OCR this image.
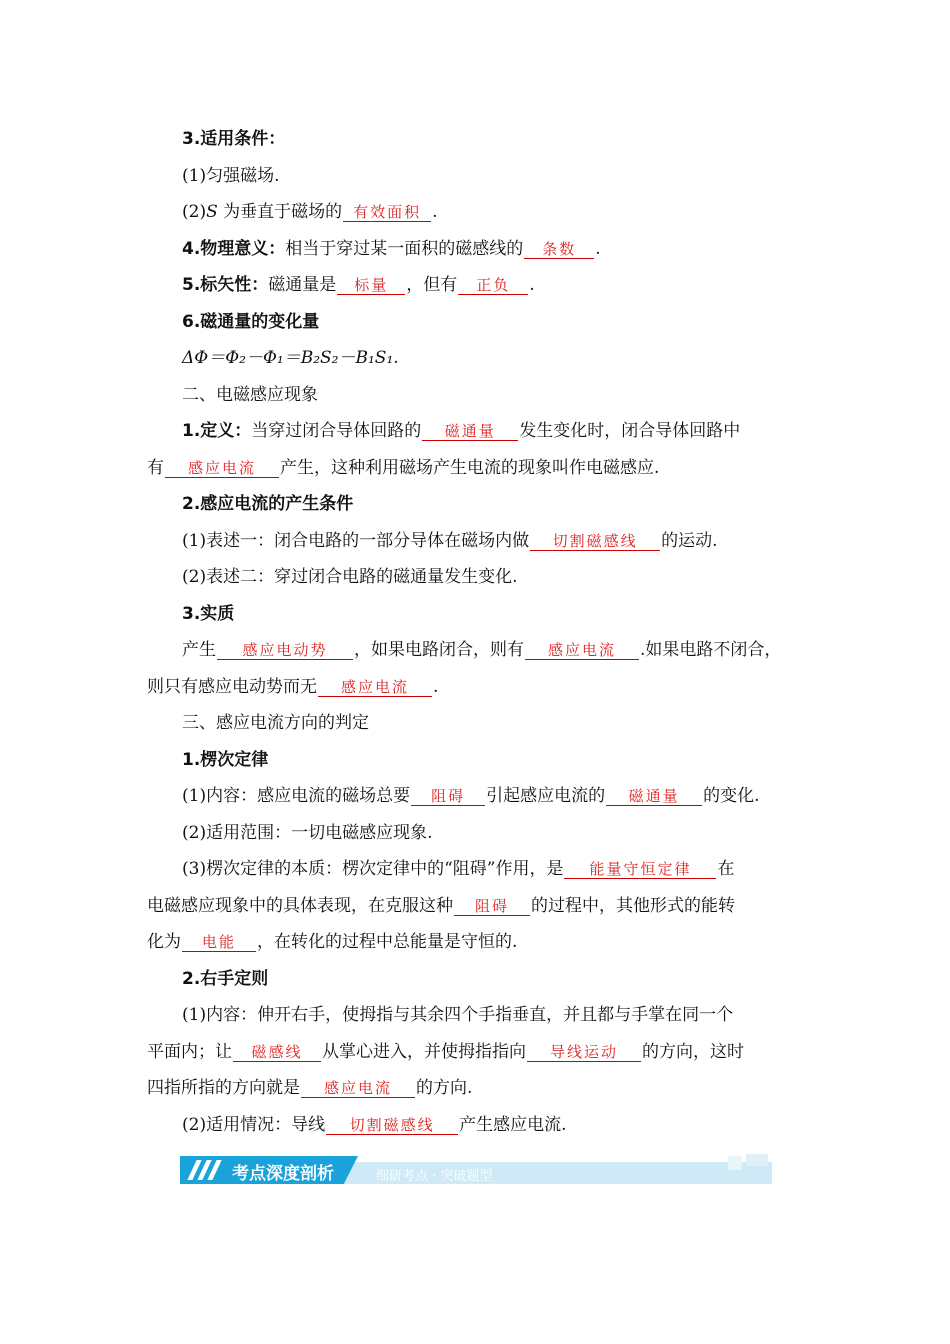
3.适用条件：
(1)匀强磁场.
(2)S 为垂直于磁场的 有效面积 .
4.物理意义：相当于穿过某一面积的磁感线的 条数 .
5.标矢性：磁通量是 标量 ，但有 正负 .
6.磁通量的变化量
ΔΦ＝Φ₂－Φ₁＝B₂S₂－B₁S₁.
二、电磁感应现象
1.定义：当穿过闭合导体回路的 磁通量 发生变化时，闭合导体回路中
有 感应电流 产生，这种利用磁场产生电流的现象叫作电磁感应.
2.感应电流的产生条件
(1)表述一：闭合电路的一部分导体在磁场内做 切割磁感线 的运动.
(2)表述二：穿过闭合电路的磁通量发生变化.
3.实质
产生 感应电动势 ，如果电路闭合，则有 感应电流 .如果电路不闭合，
则只有感应电动势而无 感应电流 .
三、感应电流方向的判定
1.楞次定律
(1)内容：感应电流的磁场总要 阻碍 引起感应电流的 磁通量 的变化.
(2)适用范围：一切电磁感应现象.
(3)楞次定律的本质：楞次定律中的“阻碍”作用，是 能量守恒定律 在
电磁感应现象中的具体表现，在克服这种 阻碍 的过程中，其他形式的能转
化为 电能 ，在转化的过程中总能量是守恒的.
2.右手定则
(1)内容：伸开右手，使拇指与其余四个手指垂直，并且都与手掌在同一个
平面内；让 磁感线 从掌心进入，并使拇指指向 导线运动 的方向，这时
四指所指的方向就是 感应电流 的方向.
(2)适用情况：导线 切割磁感线 产生感应电流.
考点深度剖析	细研考点 · 突破题型
